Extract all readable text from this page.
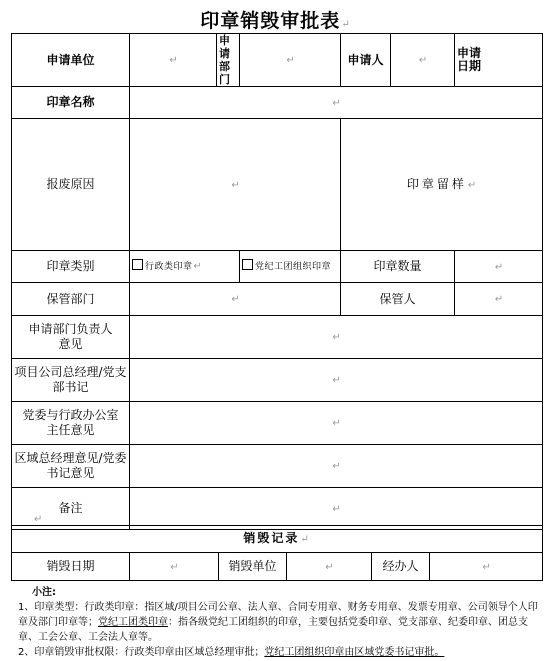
印章销毁审批表↵
申请单位	↵	申请部门	↵	申请人	↵	申请日期
印章名称	↵					
报废原因	↵			印章留样↵		
印章类别	行政类印章↵		党纪工团组织印章	印章数量		↵
保管部门	↵			保管人		↵
申请部门负责人意见	↵					
项目公司总经理/党支部书记	↵					
党委与行政办公室主任意见	↵					
区域总经理意见/党委书记意见	↵					
备注	↵					
↵
销毁记录↵
销毁日期	↵	销毁单位	↵	经办人	↵
小注:
1、印章类型：行政类印章：指区域/项目公司公章、法人章、合同专用章、财务专用章、发票专用章、公司领导个人印章及部门印章等；党纪工团类印章：指各级党纪工团组织的印章，主要包括党委印章、党支部章、纪委印章、团总支章、工会公章、工会法人章等。
2、印章销毁审批权限：行政类印章由区域总经理审批；党纪工团组织印章由区域党委书记审批。
